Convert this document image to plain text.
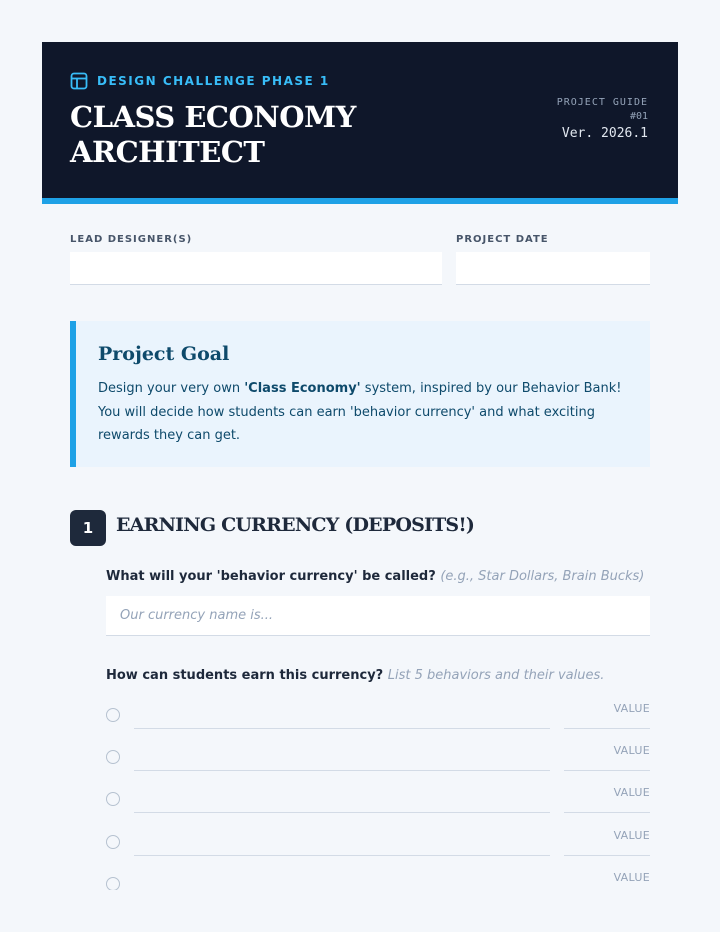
DESIGN CHALLENGE PHASE 1
CLASS ECONOMY ARCHITECT
PROJECT GUIDE
#01
Ver. 2026.1
LEAD DESIGNER(S)	PROJECT DATE
Project Goal
Design your very own 'Class Economy' system, inspired by our Behavior Bank! You will decide how students can earn 'behavior currency' and what exciting rewards they can get.
1	EARNING CURRENCY (DEPOSITS!)
What will your 'behavior currency' be called? (e.g., Star Dollars, Brain Bucks)
Our currency name is...
How can students earn this currency? List 5 behaviors and their values.
VALUE
VALUE
VALUE
VALUE
VALUE
